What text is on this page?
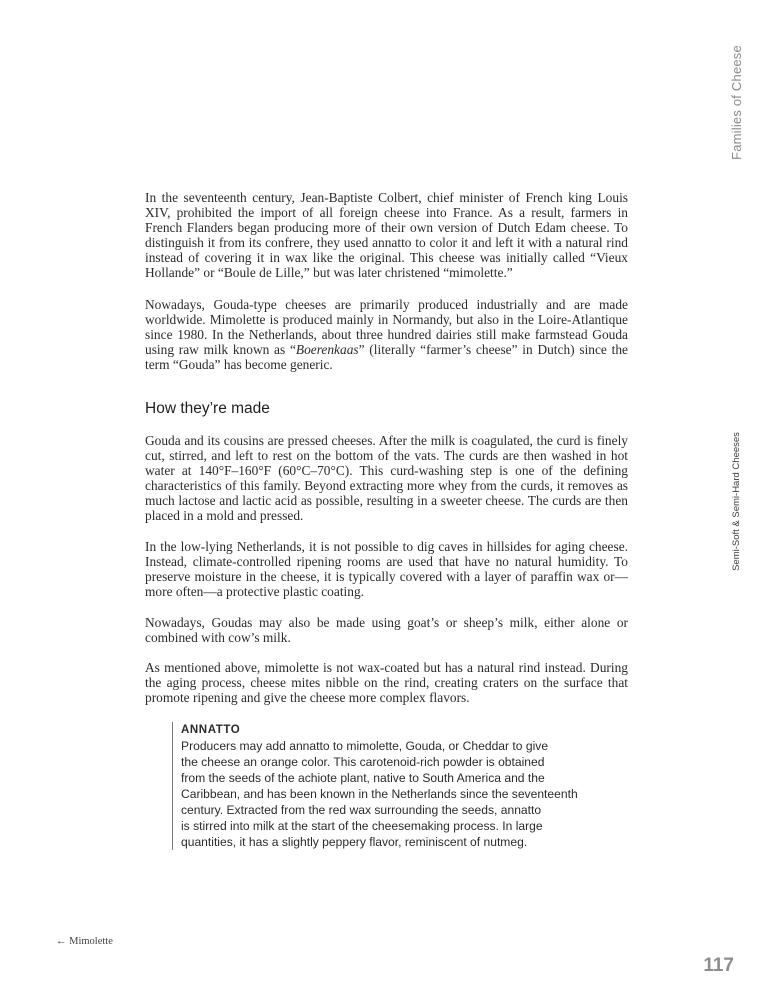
Families of Cheese
Semi-Soft & Semi-Hard Cheeses

In the seventeenth century, Jean-Baptiste Colbert, chief minister of French king Louis XIV, prohibited the import of all foreign cheese into France. As a result, farmers in French Flanders began producing more of their own version of Dutch Edam cheese. To distinguish it from its confrere, they used annatto to color it and left it with a natural rind instead of covering it in wax like the original. This cheese was initially called “Vieux Hollande” or “Boule de Lille,” but was later christened “mimolette.”

Nowadays, Gouda-type cheeses are primarily produced industrially and are made worldwide. Mimolette is produced mainly in Normandy, but also in the Loire-Atlantique since 1980. In the Netherlands, about three hundred dairies still make farmstead Gouda using raw milk known as “Boerenkaas” (literally “farmer’s cheese” in Dutch) since the term “Gouda” has become generic.

How they’re made

Gouda and its cousins are pressed cheeses. After the milk is coagulated, the curd is finely cut, stirred, and left to rest on the bottom of the vats. The curds are then washed in hot water at 140°F–160°F (60°C–70°C). This curd-washing step is one of the defining characteristics of this family. Beyond extracting more whey from the curds, it removes as much lactose and lactic acid as possible, resulting in a sweeter cheese. The curds are then placed in a mold and pressed.

In the low-lying Netherlands, it is not possible to dig caves in hillsides for aging cheese. Instead, climate-controlled ripening rooms are used that have no natural humidity. To preserve moisture in the cheese, it is typically covered with a layer of paraffin wax or—more often—a protective plastic coating.

Nowadays, Goudas may also be made using goat’s or sheep’s milk, either alone or combined with cow’s milk.

As mentioned above, mimolette is not wax-coated but has a natural rind instead. During the aging process, cheese mites nibble on the rind, creating craters on the surface that promote ripening and give the cheese more complex flavors.

ANNATTO
Producers may add annatto to mimolette, Gouda, or Cheddar to give
the cheese an orange color. This carotenoid-rich powder is obtained
from the seeds of the achiote plant, native to South America and the
Caribbean, and has been known in the Netherlands since the seventeenth
century. Extracted from the red wax surrounding the seeds, annatto
is stirred into milk at the start of the cheesemaking process. In large
quantities, it has a slightly peppery flavor, reminiscent of nutmeg.
← Mimolette
117
